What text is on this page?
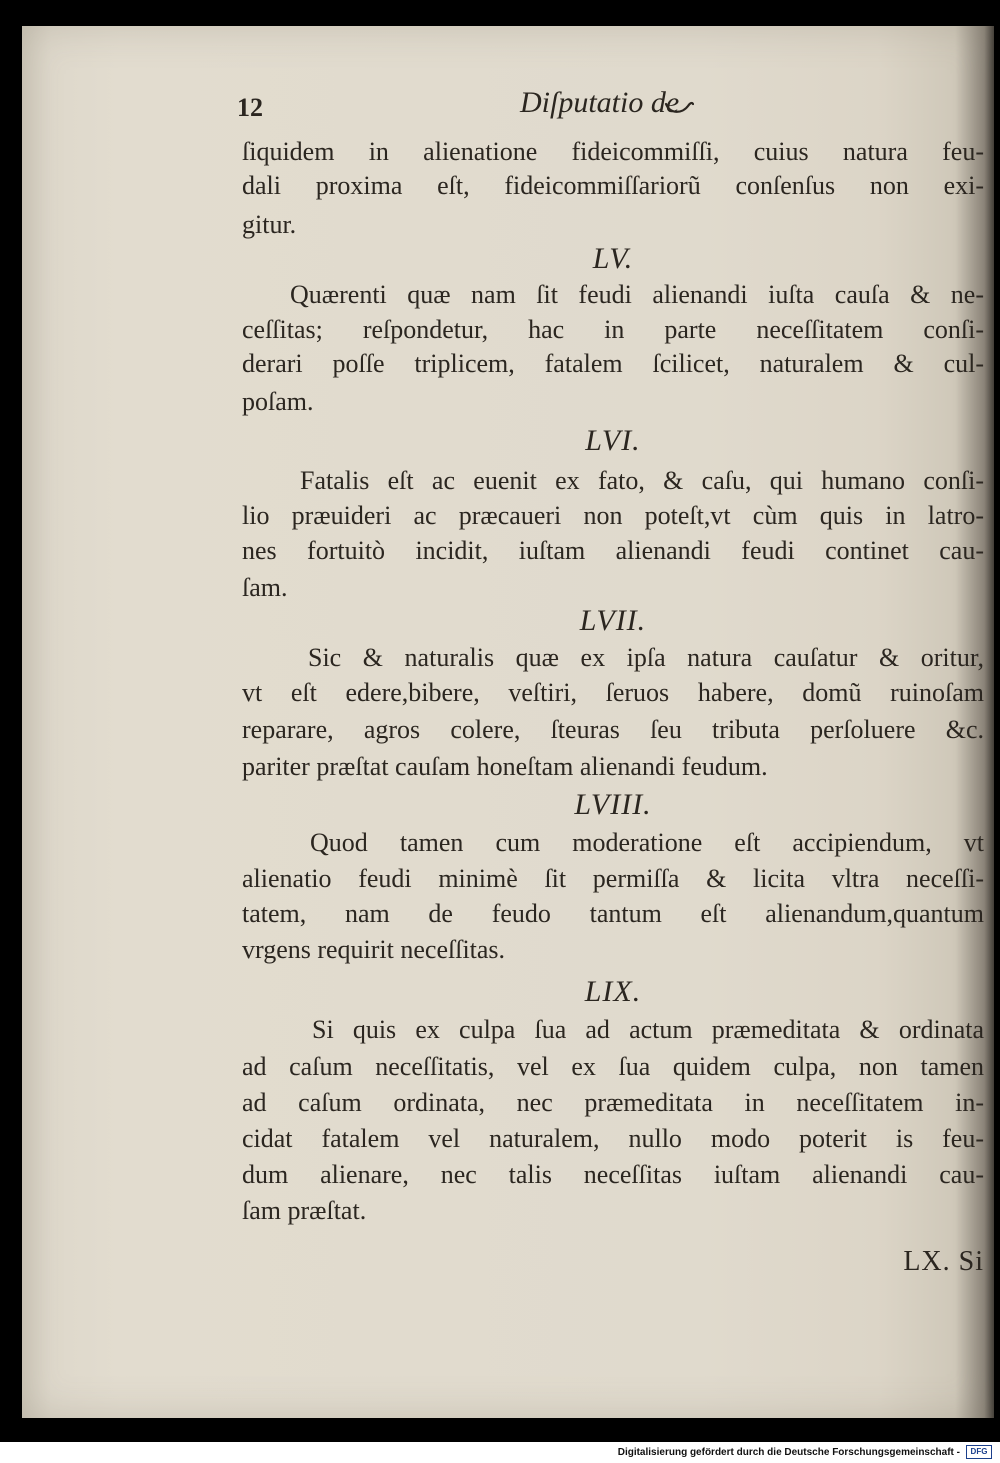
12	Diſputatio de
ſiquidem in alienatione fideicommiſſi, cuius natura feu-
dali proxima eſt, fideicommiſſariorũ conſenſus non exi-
gitur.
LV.
Quærenti quæ nam ſit feudi alienandi iuſta cauſa & ne-
ceſſitas; reſpondetur, hac in parte neceſſitatem conſi-
derari poſſe triplicem, fatalem ſcilicet, naturalem & cul-
poſam.
LVI.
Fatalis eſt ac euenit ex fato, & caſu, qui humano conſi-
lio præuideri ac præcaueri non poteſt,vt cùm quis in latro-
nes fortuitò incidit, iuſtam alienandi feudi continet cau-
ſam.
LVII.
Sic & naturalis quæ ex ipſa natura cauſatur & oritur,
vt eſt edere,bibere, veſtiri, ſeruos habere, domũ ruinoſam
reparare, agros colere, ſteuras ſeu tributa perſoluere &c.
pariter præſtat cauſam honeſtam alienandi feudum.
LVIII.
Quod tamen cum moderatione eſt accipiendum, vt
alienatio feudi minimè ſit permiſſa & licita vltra neceſſi-
tatem, nam de feudo tantum eſt alienandum,quantum
vrgens requirit neceſſitas.
LIX.
Si quis ex culpa ſua ad actum præmeditata & ordinata
ad caſum neceſſitatis, vel ex ſua quidem culpa, non tamen
ad caſum ordinata, nec præmeditata in neceſſitatem in-
cidat fatalem vel naturalem, nullo modo poterit is feu-
dum alienare, nec talis neceſſitas iuſtam alienandi cau-
ſam præſtat.
LX. Si
Digitalisierung gefördert durch die Deutsche Forschungsgemeinschaft -	DFG
